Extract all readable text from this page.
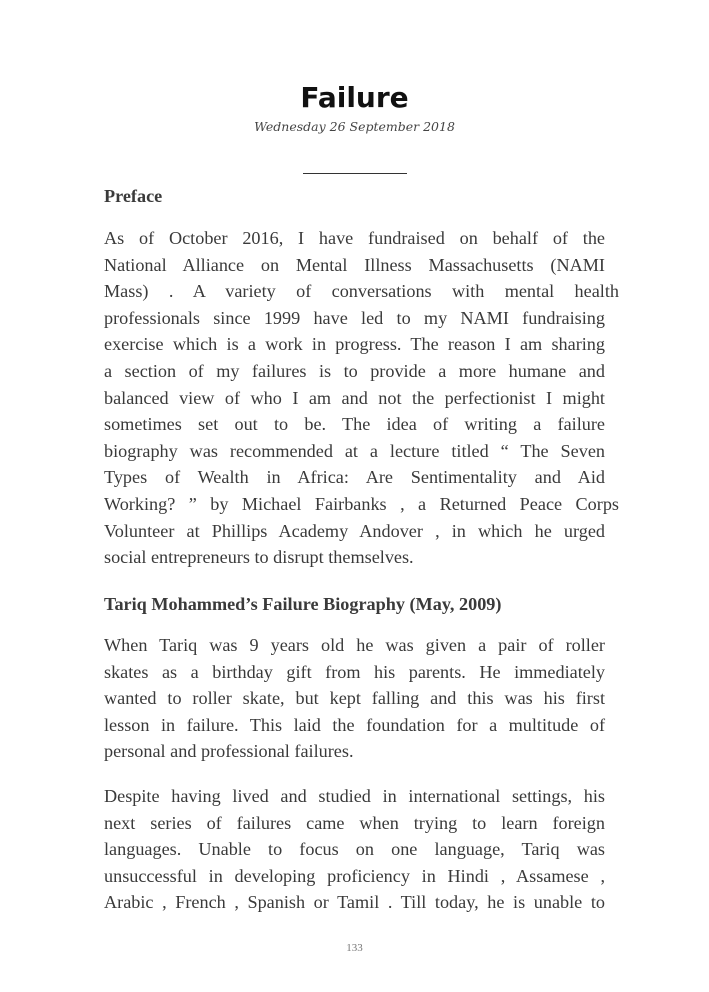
Failure
Wednesday 26 September 2018
Preface
As of October 2016, I have fundraised on behalf of the
National Alliance on Mental Illness Massachusetts (NAMI
Mass) . A variety of conversations with mental health
professionals since 1999 have led to my NAMI fundraising
exercise which is a work in progress. The reason I am sharing
a section of my failures is to provide a more humane and
balanced view of who I am and not the perfectionist I might
sometimes set out to be. The idea of writing a failure
biography was recommended at a lecture titled “ The Seven
Types of Wealth in Africa: Are Sentimentality and Aid
Working? ” by Michael Fairbanks , a Returned Peace Corps
Volunteer at Phillips Academy Andover , in which he urged
social entrepreneurs to disrupt themselves.
Tariq Mohammed’s Failure Biography (May, 2009)
When Tariq was 9 years old he was given a pair of roller
skates as a birthday gift from his parents. He immediately
wanted to roller skate, but kept falling and this was his first
lesson in failure. This laid the foundation for a multitude of
personal and professional failures.
Despite having lived and studied in international settings, his
next series of failures came when trying to learn foreign
languages. Unable to focus on one language, Tariq was
unsuccessful in developing proficiency in Hindi , Assamese ,
Arabic , French , Spanish or Tamil . Till today, he is unable to
133
